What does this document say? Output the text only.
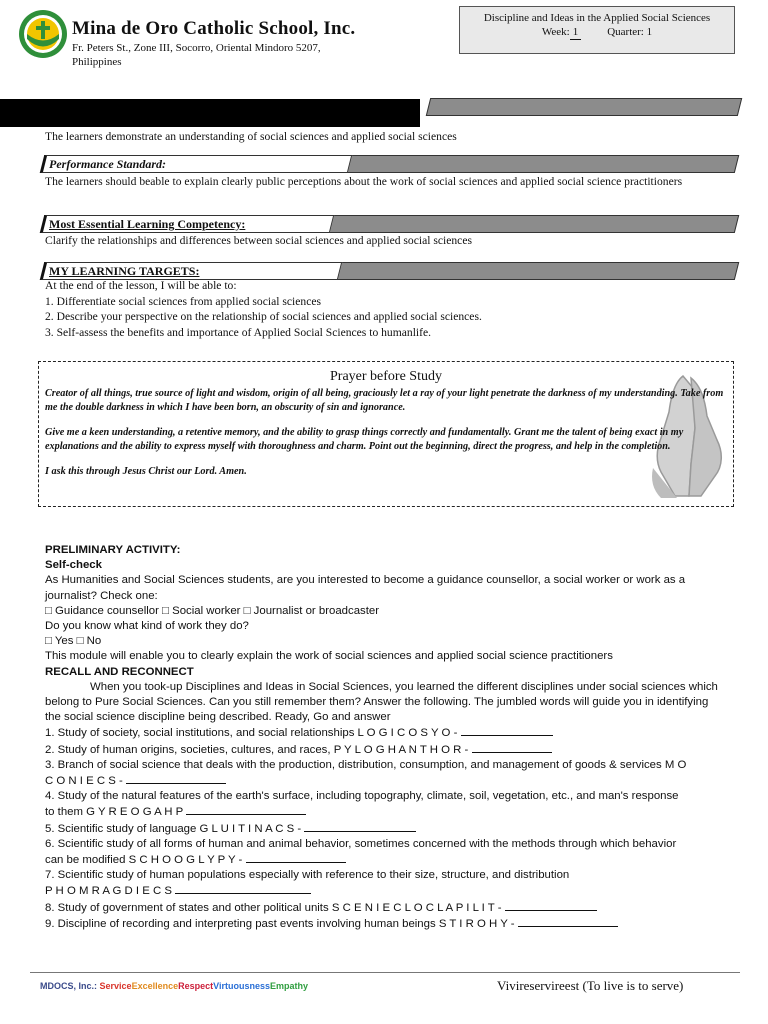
Mina de Oro Catholic School, Inc.
Fr. Peters St., Zone III, Socorro, Oriental Mindoro 5207, Philippines
Discipline and Ideas in the Applied Social Sciences
Week: 1	Quarter: 1
The learners demonstrate an understanding of social sciences and applied social sciences
Performance Standard:
The learners should beable to explain clearly public perceptions about the work of social sciences and applied social science practitioners
Most Essential Learning Competency:
Clarify the relationships and differences between social sciences and applied social sciences
MY LEARNING TARGETS:
At the end of the lesson, I will be able to:
1. Differentiate social sciences from applied social sciences
2. Describe your perspective on the relationship of social sciences and applied social sciences.
3. Self-assess the benefits and importance of Applied Social Sciences to humanlife.
Prayer before Study

Creator of all things, true source of light and wisdom, origin of all being, graciously let a ray of your light penetrate the darkness of my understanding. Take from me the double darkness in which I have been born, an obscurity of sin and ignorance.

Give me a keen understanding, a retentive memory, and the ability to grasp things correctly and fundamentally. Grant me the talent of being exact in my explanations and the ability to express myself with thoroughness and charm. Point out the beginning, direct the progress, and help in the completion.

I ask this through Jesus Christ our Lord. Amen.

PRELIMINARY ACTIVITY:
Self-check
As Humanities and Social Sciences students, are you interested to become a guidance counsellor, a social worker or work as a journalist? Check one:
□ Guidance counsellor □ Social worker □ Journalist or broadcaster
Do you know what kind of work they do?
□ Yes □ No
This module will enable you to clearly explain the work of social sciences and applied social science practitioners
RECALL AND RECONNECT
When you took-up Disciplines and Ideas in Social Sciences, you learned the different disciplines under social sciences which belong to Pure Social Sciences. Can you still remember them? Answer the following. The jumbled words will guide you in identifying the social science discipline being described. Ready, Go and answer
1. Study of society, social institutions, and social relationships L O G I C O S Y O -
2. Study of human origins, societies, cultures, and races, P Y L O G H A N T H O R -
3. Branch of social science that deals with the production, distribution, consumption, and management of goods & services M O
C O N I E C S -
4. Study of the natural features of the earth's surface, including topography, climate, soil, vegetation, etc., and man's response
to them G Y R E O G A H P
5. Scientific study of language G L U I T I N A C S -
6. Scientific study of all forms of human and animal behavior, sometimes concerned with the methods through which behavior
can be modified S C H O O G L Y P Y -
7. Scientific study of human populations especially with reference to their size, structure, and distribution
P H O M R A G D I E C S
8. Study of government of states and other political units S C E N I E C L O C L A P I L I T -
9. Discipline of recording and interpreting past events involving human beings S T I R O H Y -
MDOCS, Inc.: ServiceExcellenceRespectVirtuousnessEmpathy	Vivireservireest (To live is to serve)
